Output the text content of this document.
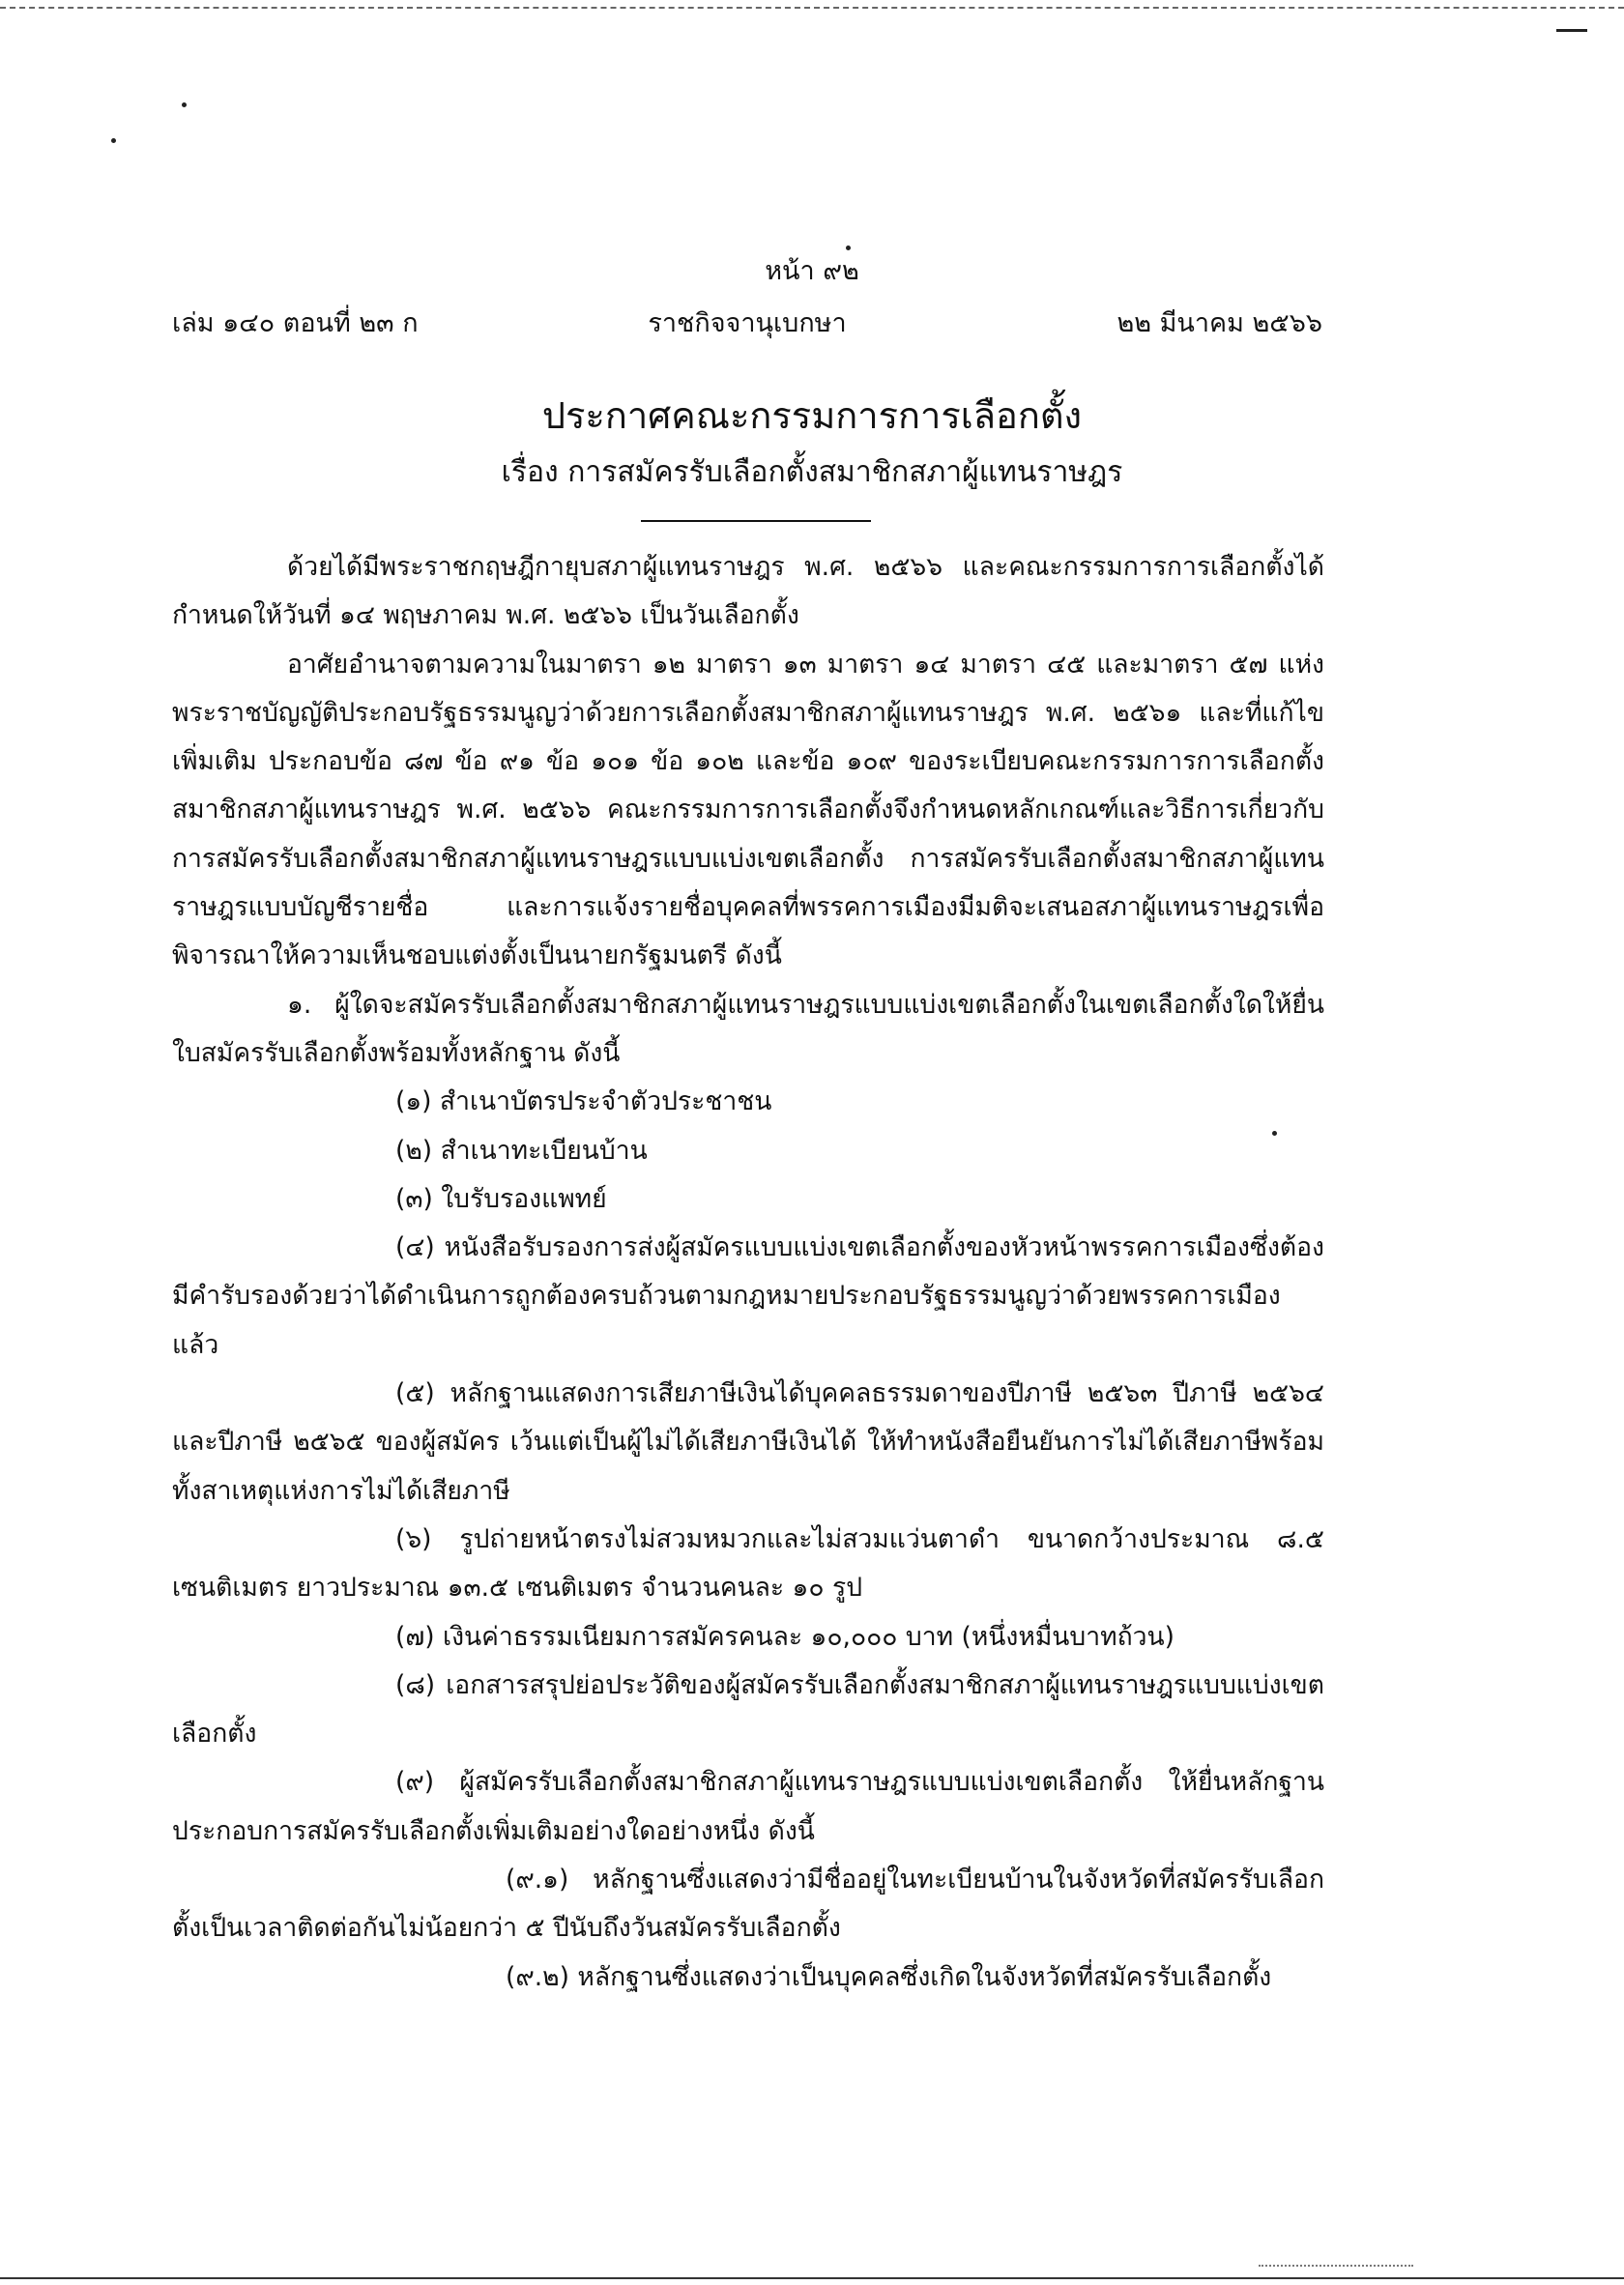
หน้า ๙๒
เล่ม ๑๔๐ ตอนที่ ๒๓ ก	ราชกิจจานุเบกษา	๒๒ มีนาคม ๒๕๖๖
ประกาศคณะกรรมการการเลือกตั้ง
เรื่อง การสมัครรับเลือกตั้งสมาชิกสภาผู้แทนราษฎร

ด้วยได้มีพระราชกฤษฎีกายุบสภาผู้แทนราษฎร พ.ศ. ๒๕๖๖ และคณะกรรมการการเลือกตั้งได้กำหนดให้วันที่ ๑๔ พฤษภาคม พ.ศ. ๒๕๖๖ เป็นวันเลือกตั้ง

อาศัยอำนาจตามความในมาตรา ๑๒ มาตรา ๑๓ มาตรา ๑๔ มาตรา ๔๕ และมาตรา ๕๗ แห่งพระราชบัญญัติประกอบรัฐธรรมนูญว่าด้วยการเลือกตั้งสมาชิกสภาผู้แทนราษฎร พ.ศ. ๒๕๖๑ และที่แก้ไขเพิ่มเติม ประกอบข้อ ๘๗ ข้อ ๙๑ ข้อ ๑๐๑ ข้อ ๑๐๒ และข้อ ๑๐๙ ของระเบียบคณะกรรมการการเลือกตั้งสมาชิกสภาผู้แทนราษฎร พ.ศ. ๒๕๖๖ คณะกรรมการการเลือกตั้งจึงกำหนดหลักเกณฑ์และวิธีการเกี่ยวกับการสมัครรับเลือกตั้งสมาชิกสภาผู้แทนราษฎรแบบแบ่งเขตเลือกตั้ง การสมัครรับเลือกตั้งสมาชิกสภาผู้แทนราษฎรแบบบัญชีรายชื่อ และการแจ้งรายชื่อบุคคลที่พรรคการเมืองมีมติจะเสนอสภาผู้แทนราษฎรเพื่อพิจารณาให้ความเห็นชอบแต่งตั้งเป็นนายกรัฐมนตรี ดังนี้

๑. ผู้ใดจะสมัครรับเลือกตั้งสมาชิกสภาผู้แทนราษฎรแบบแบ่งเขตเลือกตั้งในเขตเลือกตั้งใดให้ยื่นใบสมัครรับเลือกตั้งพร้อมทั้งหลักฐาน ดังนี้

(๑) สำเนาบัตรประจำตัวประชาชน

(๒) สำเนาทะเบียนบ้าน

(๓) ใบรับรองแพทย์

(๔) หนังสือรับรองการส่งผู้สมัครแบบแบ่งเขตเลือกตั้งของหัวหน้าพรรคการเมืองซึ่งต้องมีคำรับรองด้วยว่าได้ดำเนินการถูกต้องครบถ้วนตามกฎหมายประกอบรัฐธรรมนูญว่าด้วยพรรคการเมืองแล้ว

(๕) หลักฐานแสดงการเสียภาษีเงินได้บุคคลธรรมดาของปีภาษี ๒๕๖๓ ปีภาษี ๒๕๖๔ และปีภาษี ๒๕๖๕ ของผู้สมัคร เว้นแต่เป็นผู้ไม่ได้เสียภาษีเงินได้ ให้ทำหนังสือยืนยันการไม่ได้เสียภาษีพร้อมทั้งสาเหตุแห่งการไม่ได้เสียภาษี

(๖) รูปถ่ายหน้าตรงไม่สวมหมวกและไม่สวมแว่นตาดำ ขนาดกว้างประมาณ ๘.๕ เซนติเมตร ยาวประมาณ ๑๓.๕ เซนติเมตร จำนวนคนละ ๑๐ รูป

(๗) เงินค่าธรรมเนียมการสมัครคนละ ๑๐,๐๐๐ บาท (หนึ่งหมื่นบาทถ้วน)

(๘) เอกสารสรุปย่อประวัติของผู้สมัครรับเลือกตั้งสมาชิกสภาผู้แทนราษฎรแบบแบ่งเขตเลือกตั้ง

(๙) ผู้สมัครรับเลือกตั้งสมาชิกสภาผู้แทนราษฎรแบบแบ่งเขตเลือกตั้ง ให้ยื่นหลักฐานประกอบการสมัครรับเลือกตั้งเพิ่มเติมอย่างใดอย่างหนึ่ง ดังนี้

(๙.๑) หลักฐานซึ่งแสดงว่ามีชื่ออยู่ในทะเบียนบ้านในจังหวัดที่สมัครรับเลือกตั้งเป็นเวลาติดต่อกันไม่น้อยกว่า ๕ ปีนับถึงวันสมัครรับเลือกตั้ง

(๙.๒) หลักฐานซึ่งแสดงว่าเป็นบุคคลซึ่งเกิดในจังหวัดที่สมัครรับเลือกตั้ง
